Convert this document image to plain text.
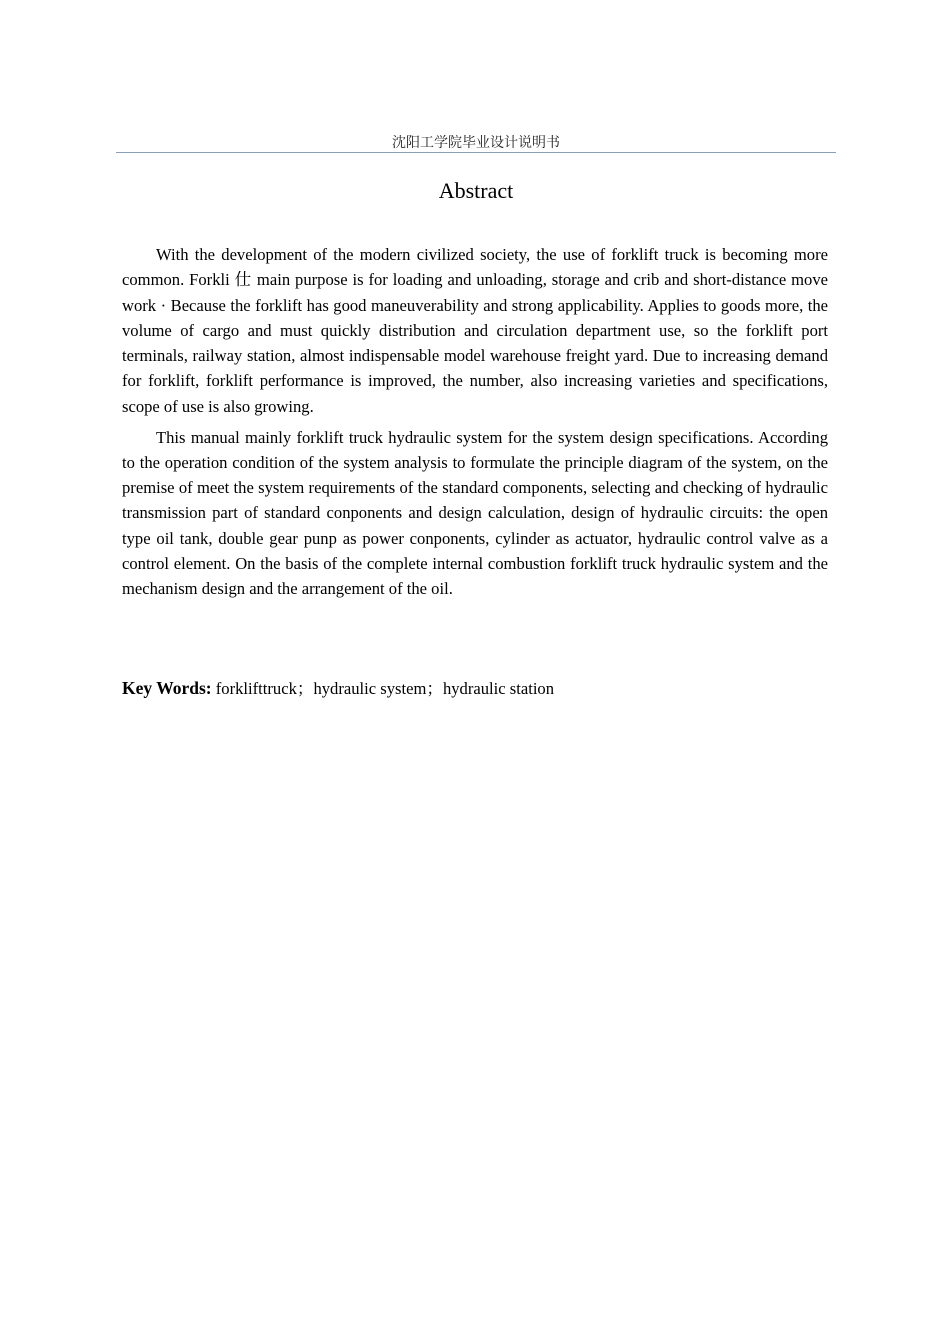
沈阳工学院毕业设计说明书
Abstract

With the development of the modern civilized society, the use of forklift truck is becoming more common. Forkli 仕 main purpose is for loading and unloading, storage and crib and short-distance move work · Because the forklift has good maneuverability and strong applicability. Applies to goods more, the volume of cargo and must quickly distribution and circulation department use, so the forklift port terminals, railway station, almost indispensable model warehouse freight yard. Due to increasing demand for forklift, forklift performance is improved, the number, also increasing varieties and specifications, scope of use is also growing.

This manual mainly forklift truck hydraulic system for the system design specifications. According to the operation condition of the system analysis to formulate the principle diagram of the system, on the premise of meet the system requirements of the standard components, selecting and checking of hydraulic transmission part of standard conponents and design calculation, design of hydraulic circuits: the open type oil tank, double gear punp as power conponents, cylinder as actuator, hydraulic control valve as a control element. On the basis of the complete internal combustion forklift truck hydraulic system and the mechanism design and the arrangement of the oil.

Key Words: forklifttruck；hydraulic system；hydraulic station
